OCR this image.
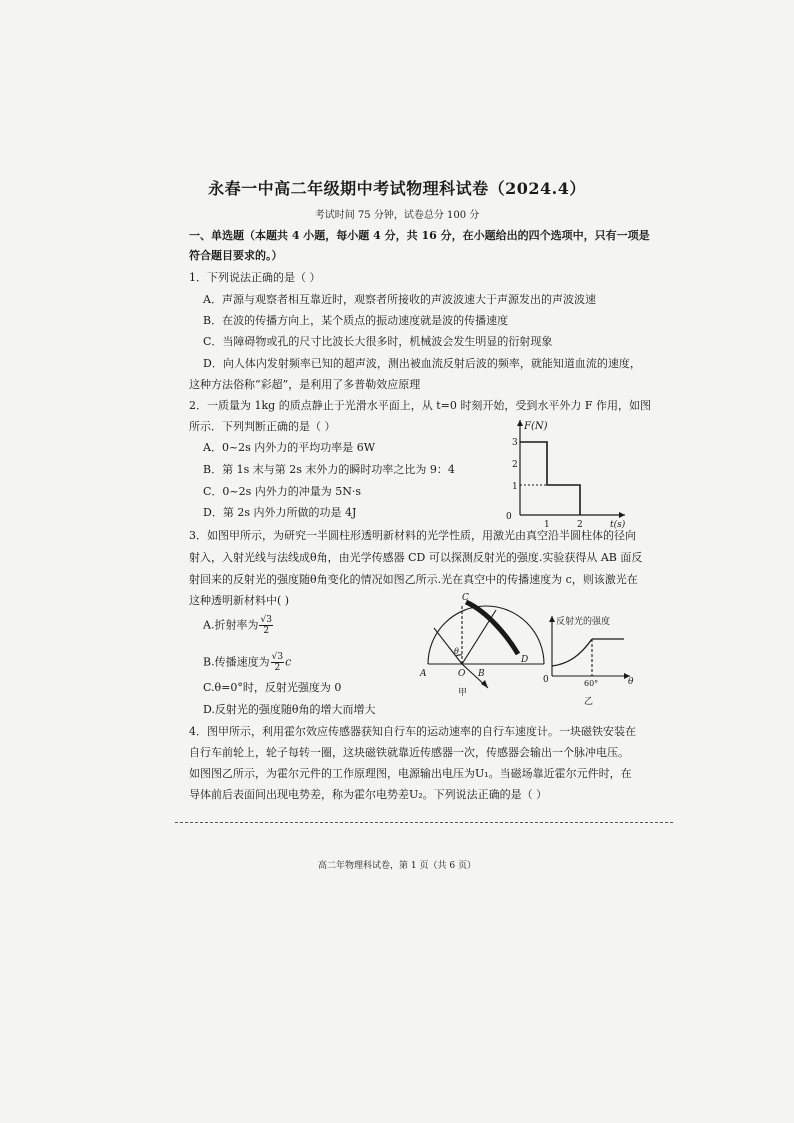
永春一中高二年级期中考试物理科试卷（2024.4）
考试时间 75 分钟，试卷总分 100 分
一、单选题（本题共 4 小题，每小题 4 分，共 16 分，在小题给出的四个选项中，只有一项是
符合题目要求的。）
1．下列说法正确的是（ ）
A．声源与观察者相互靠近时，观察者所接收的声波波速大于声源发出的声波波速
B．在波的传播方向上，某个质点的振动速度就是波的传播速度
C．当障碍物或孔的尺寸比波长大很多时，机械波会发生明显的衍射现象
D．向人体内发射频率已知的超声波，测出被血流反射后波的频率，就能知道血流的速度，
这种方法俗称“彩超”，是利用了多普勒效应原理
2．一质量为 1kg 的质点静止于光滑水平面上，从 t=0 时刻开始，受到水平外力 F 作用，如图
所示．下列判断正确的是（ ）
A．0~2s 内外力的平均功率是 6W
B．第 1s 末与第 2s 末外力的瞬时功率之比为 9：4
C．0~2s 内外力的冲量为 5N·s
D．第 2s 内外力所做的功是 4J
F(N)
t(s)
0
1
2
3
1	2
3．如图甲所示，为研究一半圆柱形透明新材料的光学性质，用激光由真空沿半圆柱体的径向
射入，入射光线与法线成θ角，由光学传感器 CD 可以探测反射光的强度.实验获得从 AB 面反
射回来的反射光的强度随θ角变化的情况如图乙所示.光在真空中的传播速度为 c，则该激光在
这种透明新材料中( )
A.折射率为 $\frac{√3}{2}$
B.传播速度为 $\frac{√3}{2}$ c
C.θ=0°时，反射光强度为 0
D.反射光的强度随θ角的增大而增大
C
D
θ
A	O B
甲
反射光的强度
0	60°	θ
乙
4．图甲所示，利用霍尔效应传感器获知自行车的运动速率的自行车速度计。一块磁铁安装在
自行车前轮上，轮子每转一圈，这块磁铁就靠近传感器一次，传感器会输出一个脉冲电压。
如图图乙所示，为霍尔元件的工作原理图，电源输出电压为U₁。当磁场靠近霍尔元件时，在
导体前后表面间出现电势差，称为霍尔电势差U₂。下列说法正确的是（ ）
高二年物理科试卷，第 1 页（共 6 页）
